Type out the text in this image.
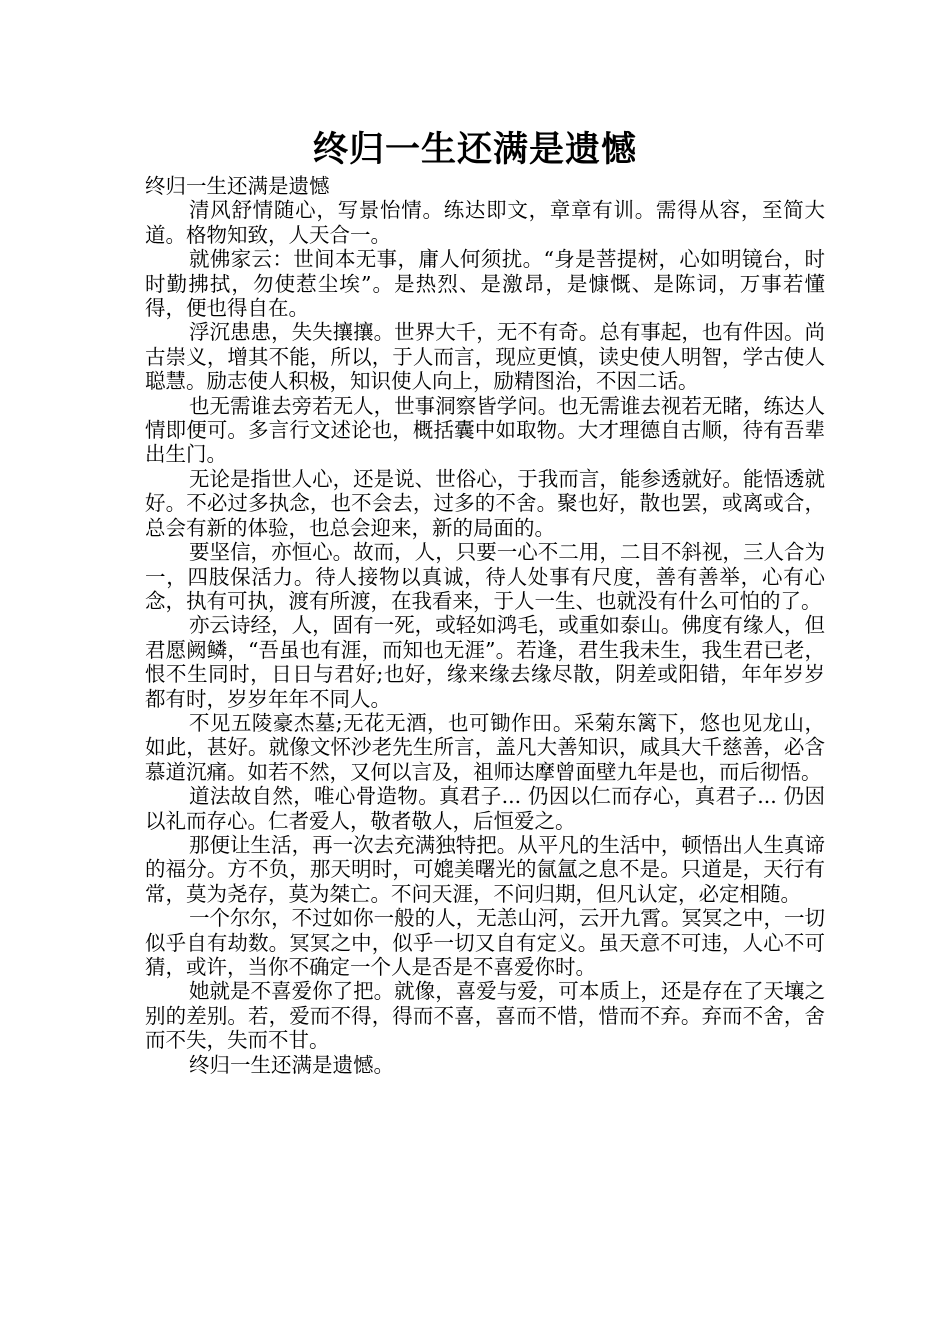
终归一生还满是遗憾

终归一生还满是遗憾

清风舒情随心，写景怡情。练达即文，章章有训。需得从容，至简大道。格物知致，人天合一。

就佛家云：世间本无事，庸人何须扰。“身是菩提树，心如明镜台，时时勤拂拭，勿使惹尘埃”。是热烈、是激昂，是慷慨、是陈词，万事若懂得，便也得自在。

浮沉患患，失失攘攘。世界大千，无不有奇。总有事起，也有件因。尚古崇义，增其不能，所以，于人而言，现应更慎，读史使人明智，学古使人聪慧。励志使人积极，知识使人向上，励精图治，不因二话。

也无需谁去旁若无人，世事洞察皆学问。也无需谁去视若无睹，练达人情即便可。多言行文述论也，概括囊中如取物。大才理德自古顺，待有吾辈出生门。

无论是指世人心，还是说、世俗心，于我而言，能参透就好。能悟透就好。不必过多执念，也不会去，过多的不舍。聚也好，散也罢，或离或合，总会有新的体验，也总会迎来，新的局面的。

要坚信，亦恒心。故而，人，只要一心不二用，二目不斜视，三人合为一，四肢保活力。待人接物以真诚，待人处事有尺度，善有善举，心有心念，执有可执，渡有所渡，在我看来，于人一生、也就没有什么可怕的了。

亦云诗经，人，固有一死，或轻如鸿毛，或重如泰山。佛度有缘人，但君愿阙鳞，“吾虽也有涯，而知也无涯”。若逢，君生我未生，我生君已老，恨不生同时，日日与君好;也好，缘来缘去缘尽散，阴差或阳错，年年岁岁都有时，岁岁年年不同人。

不见五陵豪杰墓;无花无酒，也可锄作田。采菊东篱下，悠也见龙山，如此，甚好。就像文怀沙老先生所言，盖凡大善知识，咸具大千慈善，必含慕道沉痛。如若不然，又何以言及，祖师达摩曾面壁九年是也，而后彻悟。

道法故自然，唯心骨造物。真君子... 仍因以仁而存心，真君子... 仍因以礼而存心。仁者爱人，敬者敬人，后恒爱之。

那便让生活，再一次去充满独特把。从平凡的生活中，顿悟出人生真谛的福分。方不负，那天明时，可媲美曙光的氤氲之息不是。只道是，天行有常，莫为尧存，莫为桀亡。不问天涯，不问归期，但凡认定，必定相随。

一个尔尔，不过如你一般的人，无恙山河，云开九霄。冥冥之中，一切似乎自有劫数。冥冥之中，似乎一切又自有定义。虽天意不可违，人心不可猜，或许，当你不确定一个人是否是不喜爱你时。

她就是不喜爱你了把。就像，喜爱与爱，可本质上，还是存在了天壤之别的差别。若，爱而不得，得而不喜，喜而不惜，惜而不弃。弃而不舍，舍而不失，失而不甘。

终归一生还满是遗憾。
